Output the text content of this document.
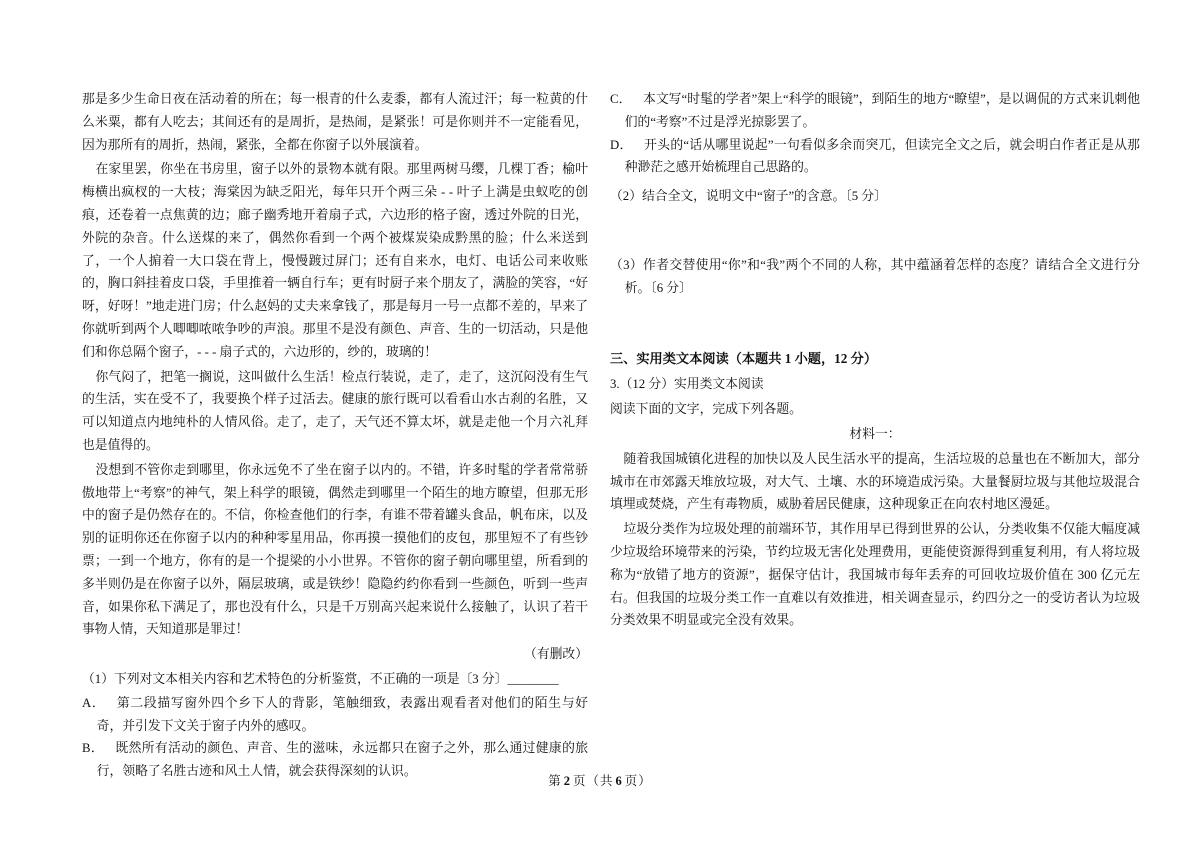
那是多少生命日夜在活动着的所在；每一根青的什么麦黍，都有人流过汗；每一粒黄的什么米粟，都有人吃去；其间还有的是周折，是热闹，是紧张！可是你则并不一定能看见，因为那所有的周折，热闹，紧张，全都在你窗子以外展演着。

在家里罢，你坐在书房里，窗子以外的景物本就有限。那里两树马缨，几棵丁香；榆叶梅横出疯杈的一大枝；海棠因为缺乏阳光，每年只开个两三朵 - - 叶子上满是虫蚁吃的创痕，还卷着一点焦黄的边；廊子幽秀地开着扇子式，六边形的格子窗，透过外院的日光，外院的杂音。什么送煤的来了，偶然你看到一个两个被煤炭染成黔黑的脸；什么米送到了，一个人掮着一大口袋在背上，慢慢踱过屏门；还有自来水，电灯、电话公司来收账的，胸口斜挂着皮口袋，手里推着一辆自行车；更有时厨子来个朋友了，满脸的笑容，“好呀，好呀！”地走进门房；什么赵妈的丈夫来拿钱了，那是每月一号一点都不差的，早来了你就听到两个人唧唧哝哝争吵的声浪。那里不是没有颜色、声音、生的一切活动，只是他们和你总隔个窗子，- - - 扇子式的，六边形的，纱的，玻璃的！

你气闷了，把笔一搁说，这叫做什么生活！检点行装说，走了，走了，这沉闷没有生气的生活，实在受不了，我要换个样子过活去。健康的旅行既可以看看山水古刹的名胜，又可以知道点内地纯朴的人情风俗。走了，走了，天气还不算太坏，就是走他一个月六礼拜也是值得的。

没想到不管你走到哪里，你永远免不了坐在窗子以内的。不错，许多时髦的学者常常骄傲地带上“考察”的神气，架上科学的眼镜，偶然走到哪里一个陌生的地方瞭望，但那无形中的窗子是仍然存在的。不信，你检查他们的行李，有谁不带着罐头食品，帆布床，以及别的证明你还在你窗子以内的种种零星用品，你再摸一摸他们的皮包，那里短不了有些钞票；一到一个地方，你有的是一个提梁的小小世界。不管你的窗子朝向哪里望，所看到的多半则仍是在你窗子以外，隔层玻璃，或是铁纱！隐隐约约你看到一些颜色，听到一些声音，如果你私下满足了，那也没有什么，只是千万别高兴起来说什么接触了，认识了若干事物人情，天知道那是罪过！

（有删改）
（1）下列对文本相关内容和艺术特色的分析鉴赏，不正确的一项是〔3 分〕________
A． 第二段描写窗外四个乡下人的背影，笔触细致，表露出观看者对他们的陌生与好奇，并引发下文关于窗子内外的感叹。
B． 既然所有活动的颜色、声音、生的滋味，永远都只在窗子之外，那么通过健康的旅行，领略了名胜古迹和风土人情，就会获得深刻的认识。
C． 本文写“时髦的学者”架上“科学的眼镜”，到陌生的地方“瞭望”，是以调侃的方式来讥刺他们的“考察”不过是浮光掠影罢了。
D． 开头的“话从哪里说起”一句看似多余而突兀，但读完全文之后，就会明白作者正是从那种渺茫之感开始梳理自己思路的。
（2）结合全文，说明文中“窗子”的含意。〔5 分〕
（3）作者交替使用“你”和“我”两个不同的人称，其中蕴涵着怎样的态度？请结合全文进行分析。〔6 分〕
三、实用类文本阅读（本题共 1 小题，12 分）
3.（12 分）实用类文本阅读
阅读下面的文字，完成下列各题。
材料一：

随着我国城镇化进程的加快以及人民生活水平的提高，生活垃圾的总量也在不断加大，部分城市在市郊露天堆放垃圾，对大气、土壤、水的环境造成污染。大量餐厨垃圾与其他垃圾混合填埋或焚烧，产生有毒物质，威胁着居民健康，这种现象正在向农村地区漫延。

垃圾分类作为垃圾处理的前端环节，其作用早已得到世界的公认，分类收集不仅能大幅度减少垃圾给环境带来的污染，节约垃圾无害化处理费用，更能使资源得到重复利用，有人将垃圾称为“放错了地方的资源”，据保守估计，我国城市每年丢弃的可回收垃圾价值在 300 亿元左右。但我国的垃圾分类工作一直难以有效推进，相关调查显示，约四分之一的受访者认为垃圾分类效果不明显或完全没有效果。

第 2 页（共 6 页）
